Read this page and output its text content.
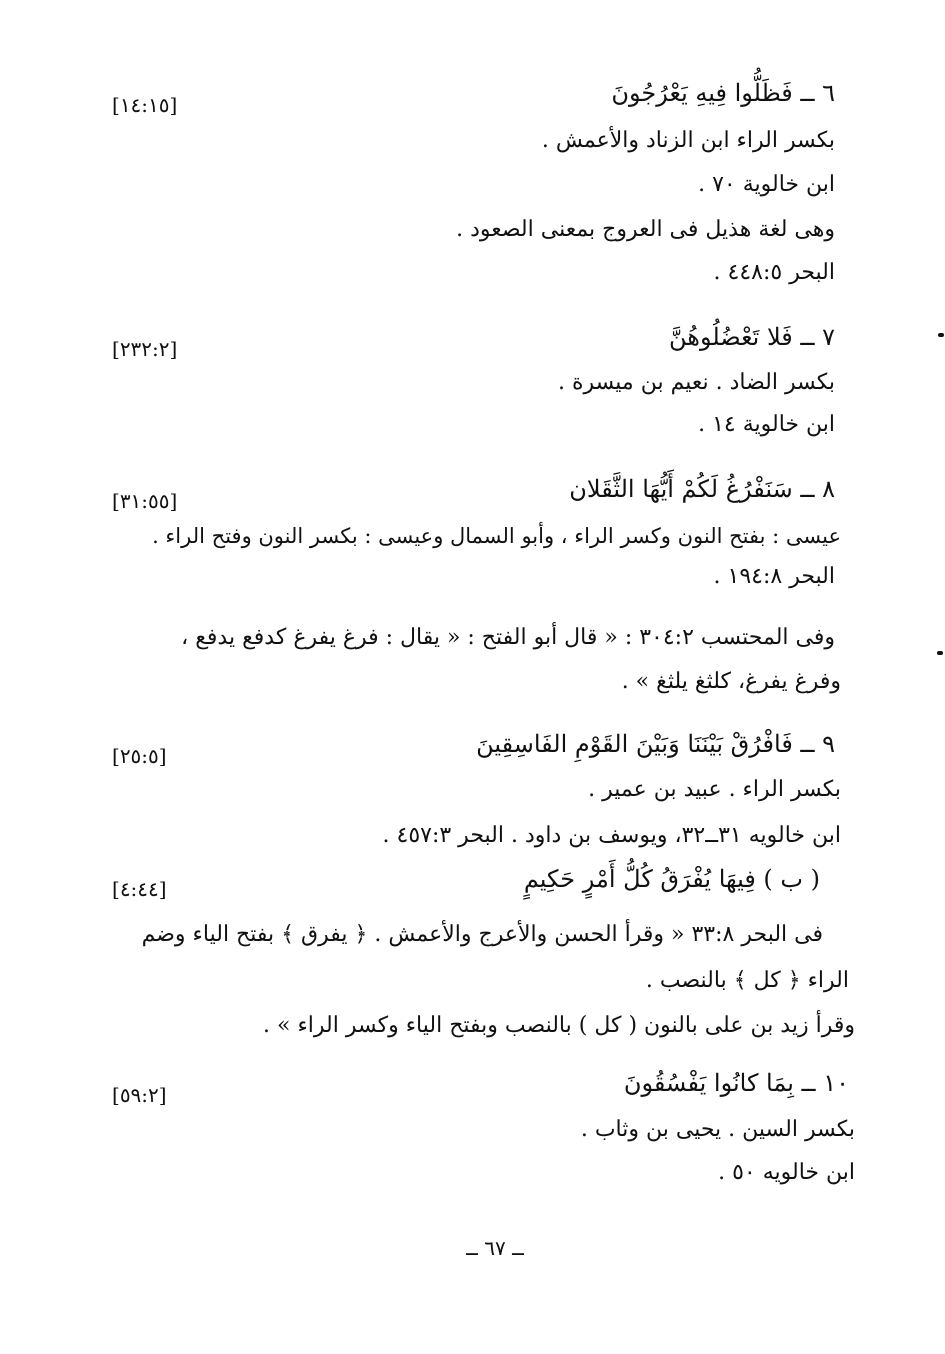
٦ ــ فَظَلُّوا فِيهِ يَعْرُجُونَ
[١٤:١٥]
بكسر الراء ابن الزناد والأعمش .
ابن خالوية ٧٠ .
وهى لغة هذيل فى العروج بمعنى الصعود .
البحر ٤٤٨:٥ .
٧ ــ فَلا تَعْضُلُوهُنَّ
[٢٣٢:٢]
بكسر الضاد . نعيم بن ميسرة .
ابن خالوية ١٤ .
٨ ــ سَنَفْرُغُ لَكُمْ أَيُّهَا الثَّقَلان
[٣١:٥٥]
عيسى : بفتح النون وكسر الراء ، وأبو السمال وعيسى : بكسر النون وفتح الراء .
البحر ١٩٤:٨ .
وفى المحتسب ٣٠٤:٢ : « قال أبو الفتح : « يقال : فرغ يفرغ كدفع يدفع ،
وفرغ يفرغ، كلثغ يلثغ » .
٩ ــ فَافْرُقْ بَيْنَنَا وَبَيْنَ القَوْمِ الفَاسِقِينَ
[٢٥:٥]
بكسر الراء . عبيد بن عمير .
ابن خالويه ٣١ــ٣٢، ويوسف بن داود . البحر ٤٥٧:٣ .
( ب ) فِيهَا يُفْرَقُ كُلُّ أَمْرٍ حَكِيمٍ
[٤:٤٤]
فى البحر ٣٣:٨ « وقرأ الحسن والأعرج والأعمش . ﴿ يفرق ﴾ بفتح الياء وضم
الراء ﴿ كل ﴾ بالنصب .
وقرأ زيد بن على بالنون ( كل ) بالنصب وبفتح الياء وكسر الراء » .
١٠ ــ بِمَا كانُوا يَفْسُقُونَ
[٥٩:٢]
بكسر السين . يحيى بن وثاب .
ابن خالويه ٥٠ .
ــ ٦٧ ــ
